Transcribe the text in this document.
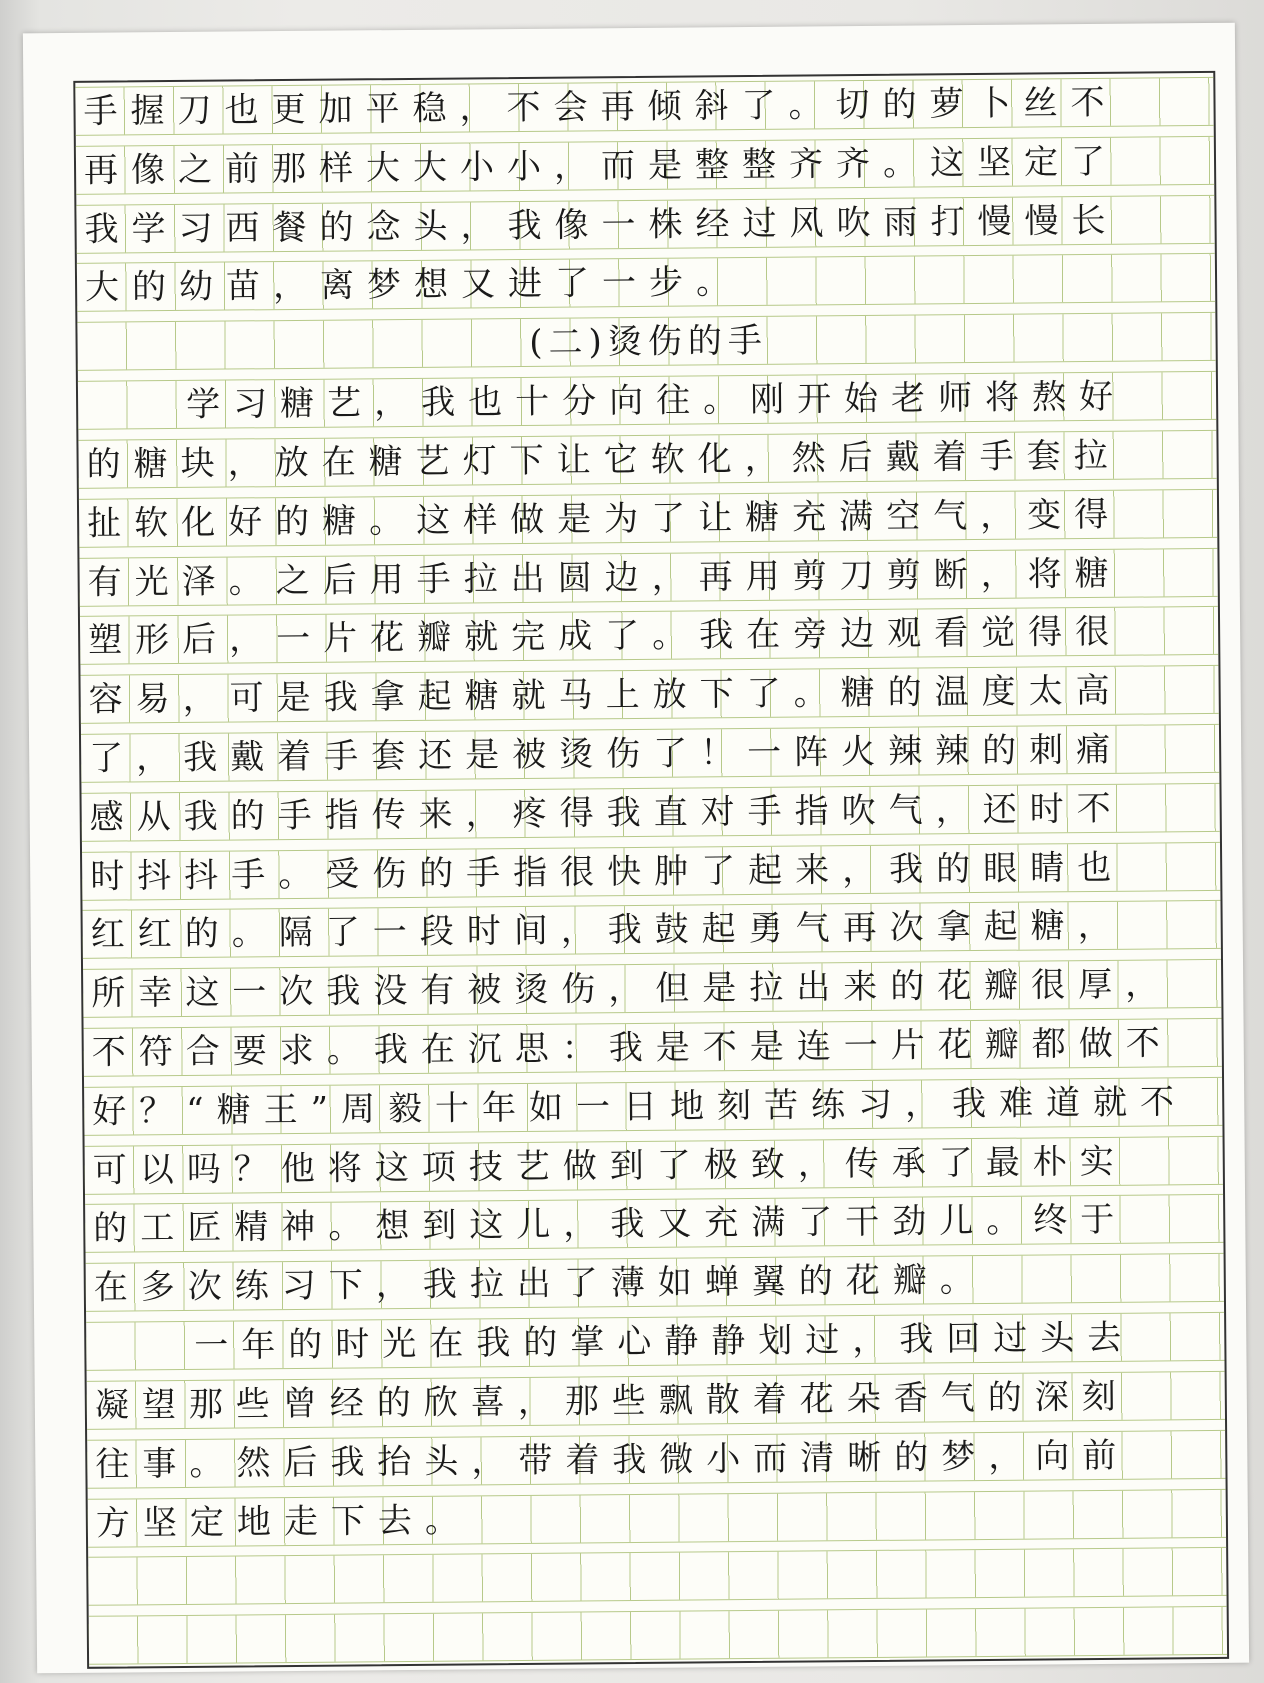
手握刀也更加平稳，不会再倾斜了。切的萝卜丝不
再像之前那样大大小小，而是整整齐齐。这坚定了
我学习西餐的念头，我像一株经过风吹雨打慢慢长
大的幼苗，离梦想又进了一步。
(二)烫伤的手
学习糖艺，我也十分向往。刚开始老师将熬好
的糖块，放在糖艺灯下让它软化，然后戴着手套拉
扯软化好的糖。这样做是为了让糖充满空气，变得
有光泽。之后用手拉出圆边，再用剪刀剪断，将糖
塑形后，一片花瓣就完成了。我在旁边观看觉得很
容易，可是我拿起糖就马上放下了。糖的温度太高
了，我戴着手套还是被烫伤了！一阵火辣辣的刺痛
感从我的手指传来，疼得我直对手指吹气，还时不
时抖抖手。受伤的手指很快肿了起来，我的眼睛也
红红的。隔了一段时间，我鼓起勇气再次拿起糖，
所幸这一次我没有被烫伤，但是拉出来的花瓣很厚，
不符合要求。我在沉思：我是不是连一片花瓣都做不
好？“糖王”周毅十年如一日地刻苦练习，我难道就不
可以吗？他将这项技艺做到了极致，传承了最朴实
的工匠精神。想到这儿，我又充满了干劲儿。终于
在多次练习下，我拉出了薄如蝉翼的花瓣。
一年的时光在我的掌心静静划过，我回过头去
凝望那些曾经的欣喜，那些飘散着花朵香气的深刻
往事。然后我抬头，带着我微小而清晰的梦，向前
方坚定地走下去。
